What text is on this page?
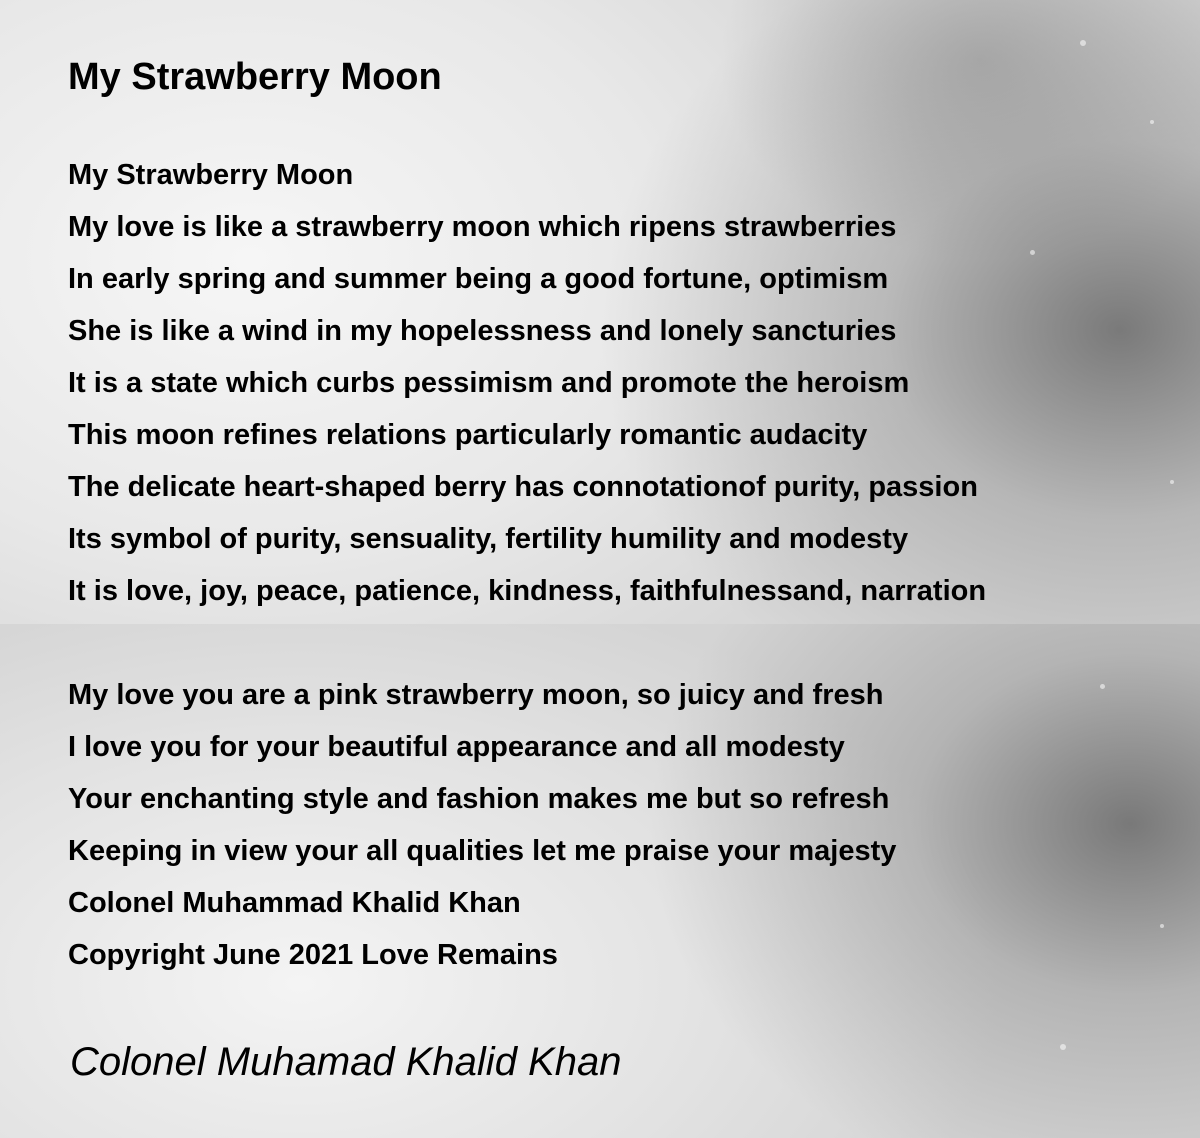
My Strawberry Moon
My Strawberry Moon
My love is like a strawberry moon which ripens strawberries
In early spring and summer being a good fortune, optimism
She is like a wind in my hopelessness and lonely sancturies
It is a state which curbs pessimism and promote the heroism
This moon refines relations particularly romantic audacity
The delicate heart-shaped berry has connotationof purity, passion
Its symbol of purity, sensuality, fertility humility and modesty
It is love, joy, peace, patience, kindness, faithfulnessand, narration
My love you are a pink strawberry moon, so juicy and fresh
I love you for your beautiful appearance and all modesty
Your enchanting style and fashion makes me but so refresh
Keeping in view your all qualities let me praise your majesty
Colonel Muhammad Khalid Khan
Copyright June 2021 Love Remains
Colonel Muhamad Khalid Khan
